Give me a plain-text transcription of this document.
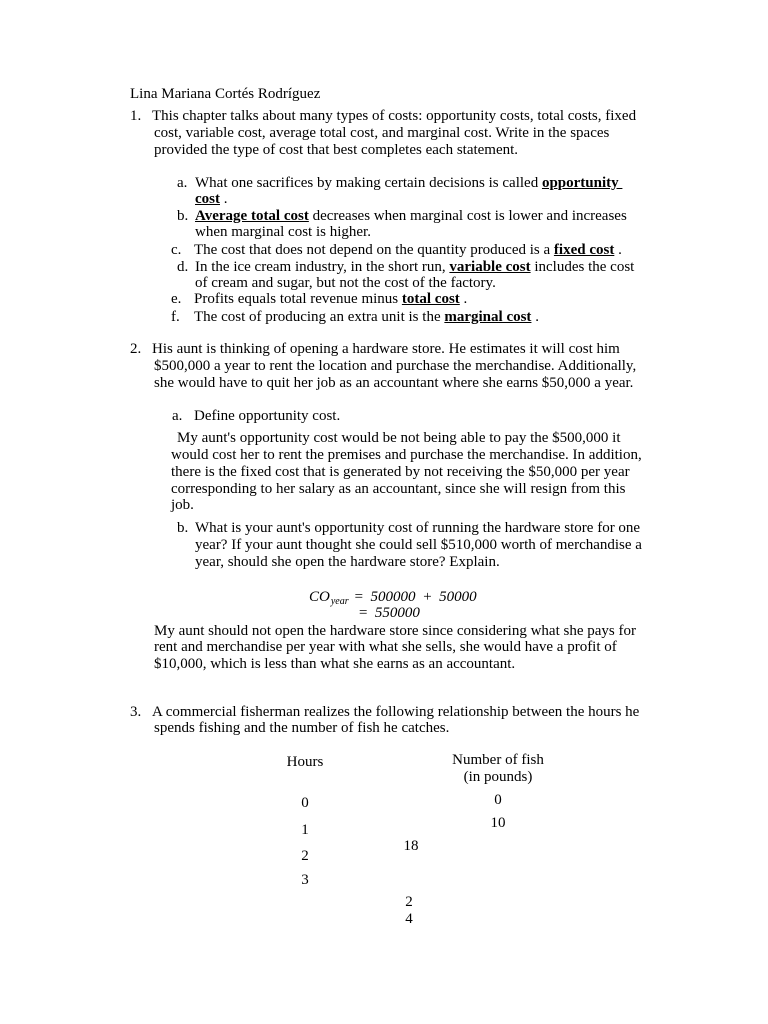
Lina Mariana Cortés Rodríguez
1. This chapter talks about many types of costs: opportunity costs, total costs, fixed
cost, variable cost, average total cost, and marginal cost. Write in the spaces
provided the type of cost that best completes each statement.
a. What one sacrifices by making certain decisions is called opportunity
cost .
b. Average total cost decreases when marginal cost is lower and increases
when marginal cost is higher.
c. The cost that does not depend on the quantity produced is a fixed cost .
d. In the ice cream industry, in the short run, variable cost includes the cost
of cream and sugar, but not the cost of the factory.
e. Profits equals total revenue minus total cost .
f. The cost of producing an extra unit is the marginal cost .
2. His aunt is thinking of opening a hardware store. He estimates it will cost him
$500,000 a year to rent the location and purchase the merchandise. Additionally,
she would have to quit her job as an accountant where she earns $50,000 a year.
a. Define opportunity cost.
My aunt's opportunity cost would be not being able to pay the $500,000 it
would cost her to rent the premises and purchase the merchandise. In addition,
there is the fixed cost that is generated by not receiving the $50,000 per year
corresponding to her salary as an accountant, since she will resign from this
job.
b. What is your aunt's opportunity cost of running the hardware store for one
year? If your aunt thought she could sell $510,000 worth of merchandise a
year, should she open the hardware store? Explain.
$CO_{year} = 500000 + 50000$
= 550000
My aunt should not open the hardware store since considering what she pays for
rent and merchandise per year with what she sells, she would have a profit of
$10,000, which is less than what she earns as an accountant.
3. A commercial fisherman realizes the following relationship between the hours he
spends fishing and the number of fish he catches.
Hours	Number of fish
(in pounds)
0
1
2
3
0
10
18
2
4
